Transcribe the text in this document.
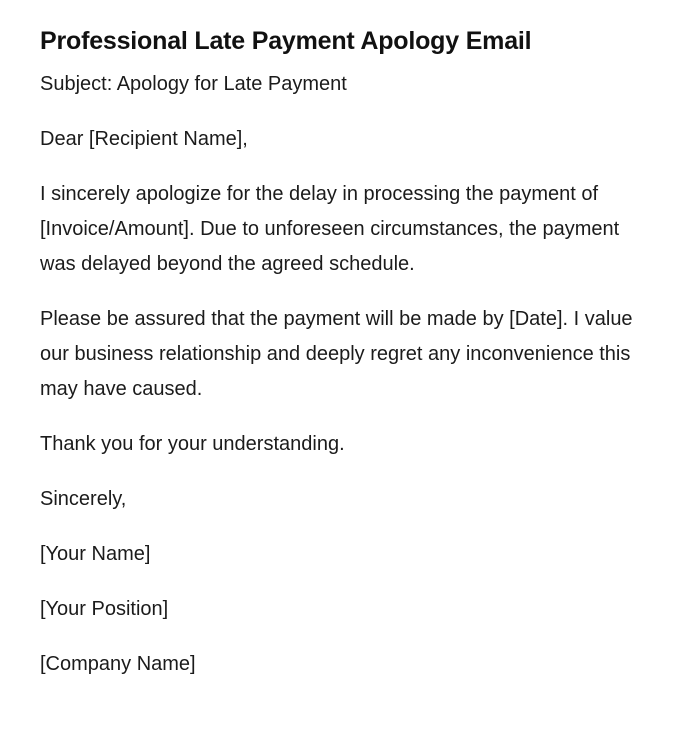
Professional Late Payment Apology Email

Subject: Apology for Late Payment

Dear [Recipient Name],

I sincerely apologize for the delay in processing the payment of [Invoice/Amount]. Due to unforeseen circumstances, the payment was delayed beyond the agreed schedule.

Please be assured that the payment will be made by [Date]. I value our business relationship and deeply regret any inconvenience this may have caused.

Thank you for your understanding.

Sincerely,

[Your Name]

[Your Position]

[Company Name]
